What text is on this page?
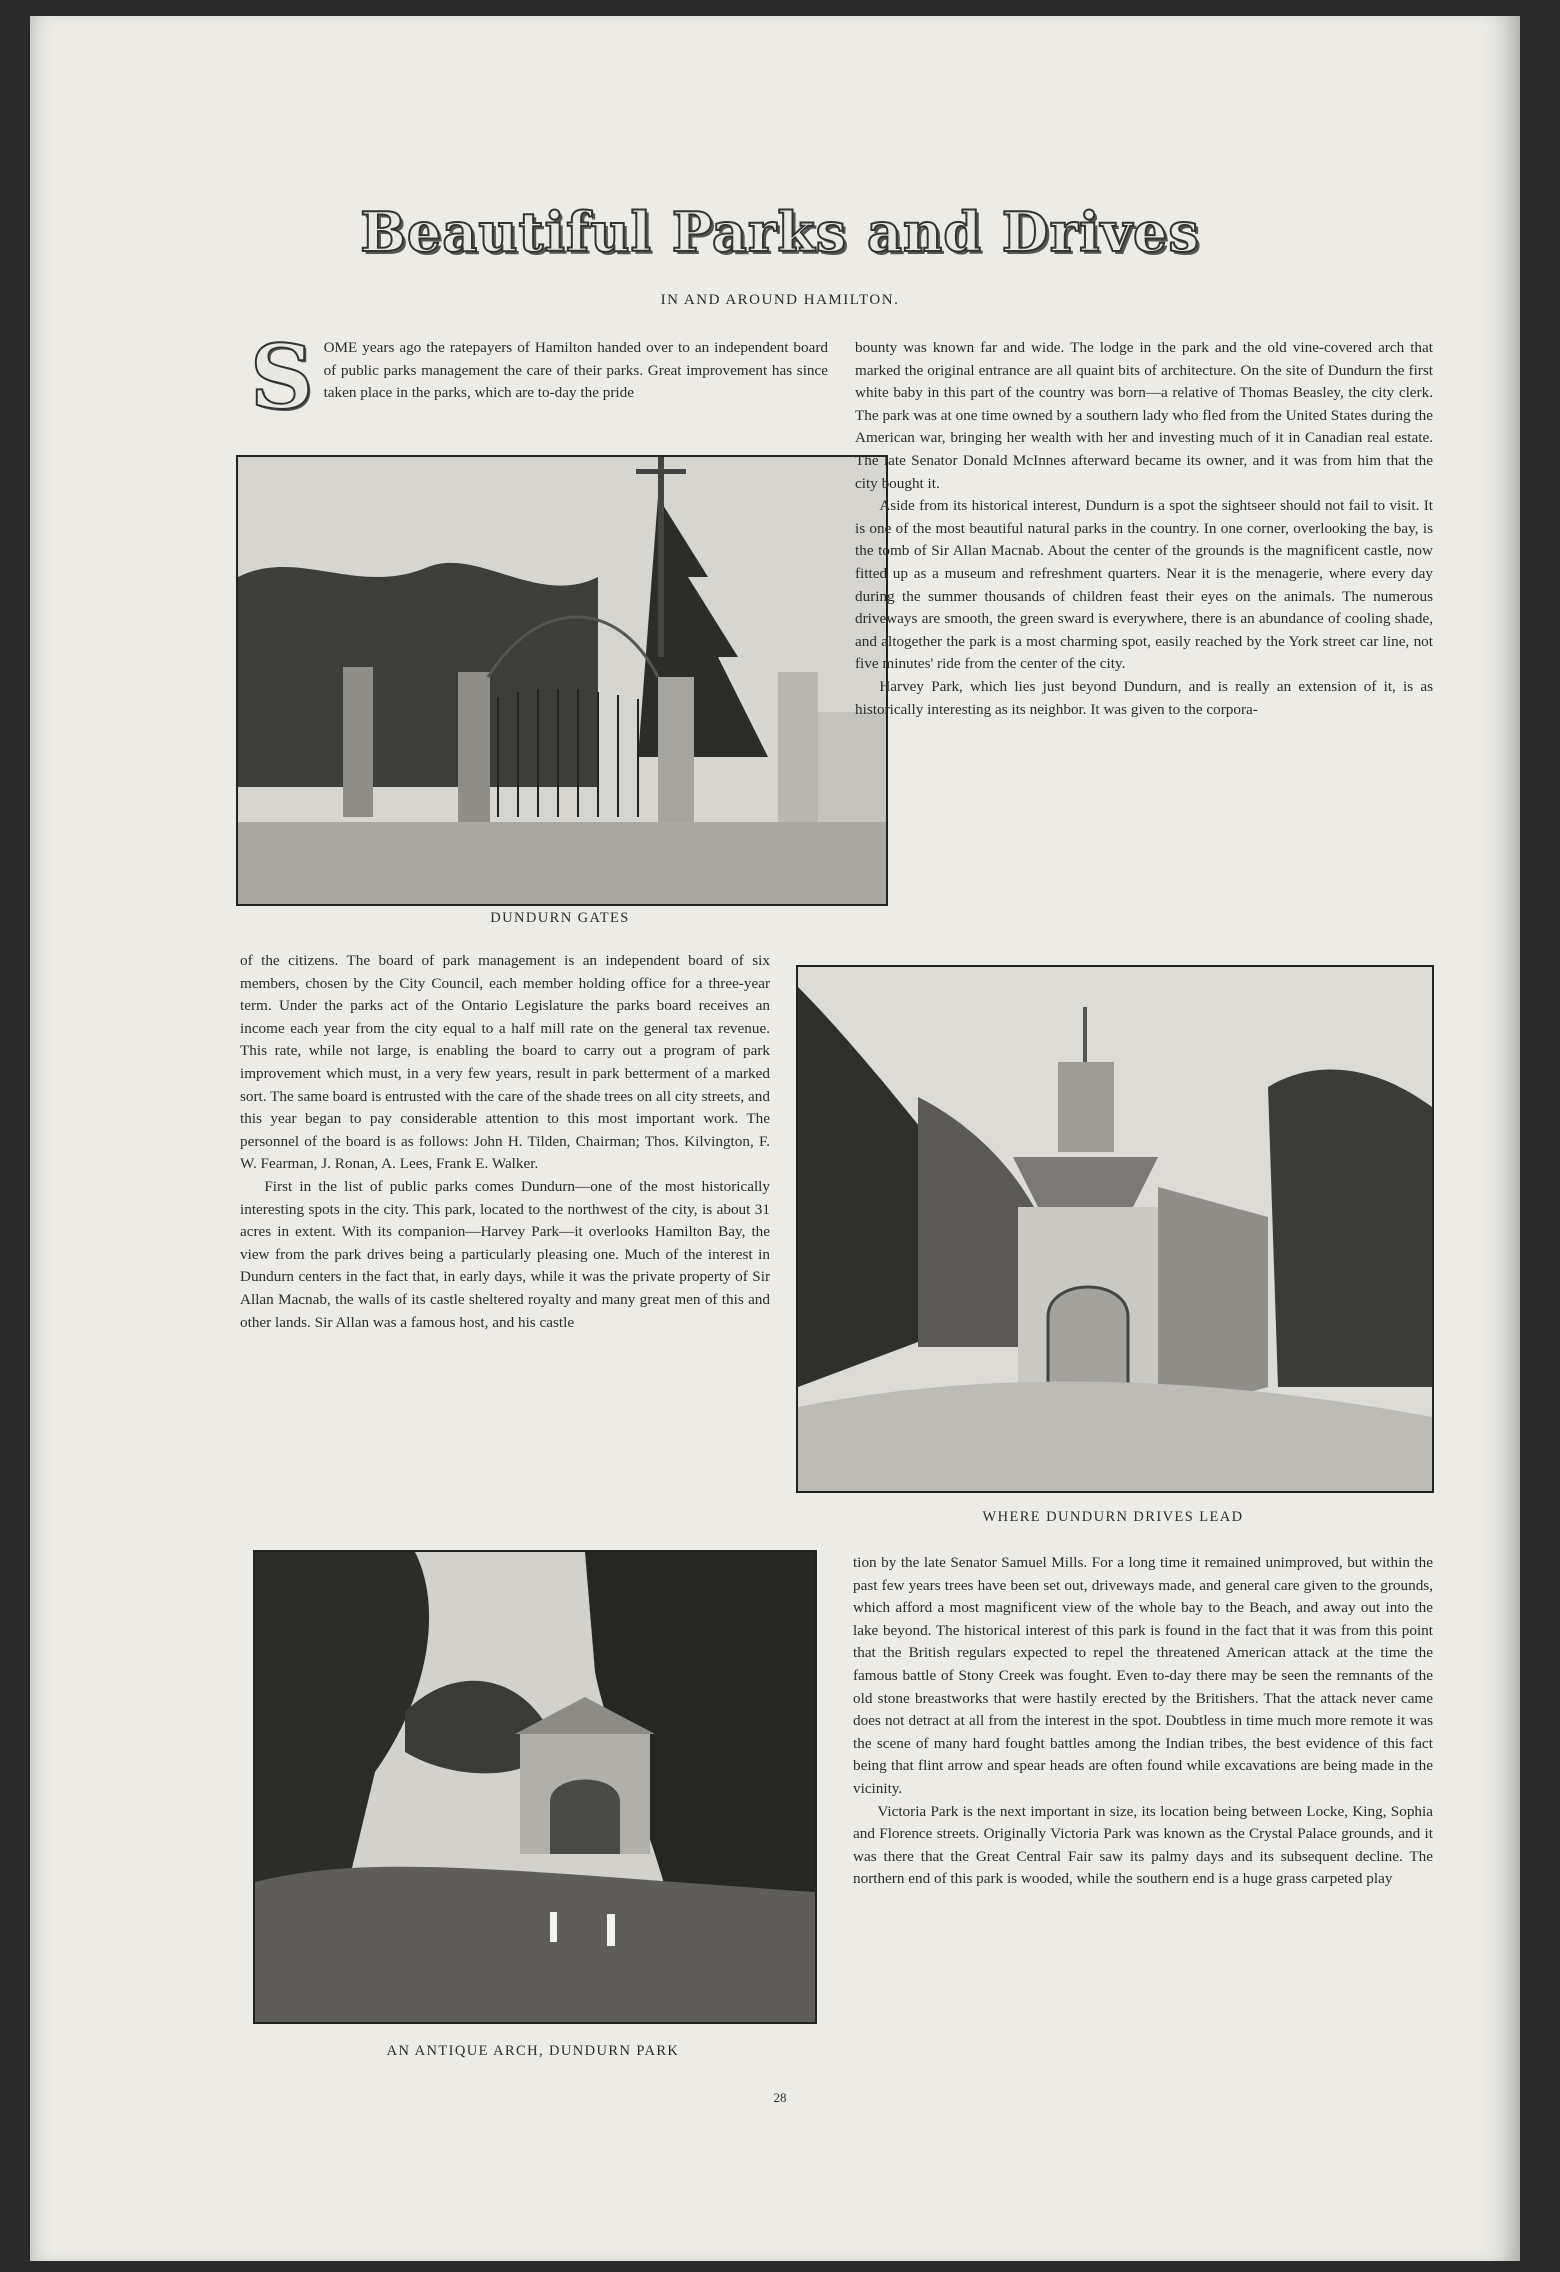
Beautiful Parks and Drives
IN AND AROUND HAMILTON.

SOME years ago the ratepayers of Hamilton handed over to an independent board of public parks management the care of their parks. Great improvement has since taken place in the parks, which are to-day the pride

DUNDURN GATES

bounty was known far and wide. The lodge in the park and the old vine-covered arch that marked the original entrance are all quaint bits of architecture. On the site of Dundurn the first white baby in this part of the country was born—a relative of Thomas Beasley, the city clerk. The park was at one time owned by a southern lady who fled from the United States during the American war, bringing her wealth with her and investing much of it in Canadian real estate. The late Senator Donald McInnes afterward became its owner, and it was from him that the city bought it.

Aside from its historical interest, Dundurn is a spot the sightseer should not fail to visit. It is one of the most beautiful natural parks in the country. In one corner, overlooking the bay, is the tomb of Sir Allan Macnab. About the center of the grounds is the magnificent castle, now fitted up as a museum and refreshment quarters. Near it is the menagerie, where every day during the summer thousands of children feast their eyes on the animals. The numerous driveways are smooth, the green sward is everywhere, there is an abundance of cooling shade, and altogether the park is a most charming spot, easily reached by the York street car line, not five minutes' ride from the center of the city.

Harvey Park, which lies just beyond Dundurn, and is really an extension of it, is as historically interesting as its neighbor. It was given to the corpora-

of the citizens. The board of park management is an independent board of six members, chosen by the City Council, each member holding office for a three-year term. Under the parks act of the Ontario Legislature the parks board receives an income each year from the city equal to a half mill rate on the general tax revenue. This rate, while not large, is enabling the board to carry out a program of park improvement which must, in a very few years, result in park betterment of a marked sort. The same board is entrusted with the care of the shade trees on all city streets, and this year began to pay considerable attention to this most important work. The personnel of the board is as follows: John H. Tilden, Chairman; Thos. Kilvington, F. W. Fearman, J. Ronan, A. Lees, Frank E. Walker.

First in the list of public parks comes Dundurn—one of the most historically interesting spots in the city. This park, located to the northwest of the city, is about 31 acres in extent. With its companion—Harvey Park—it overlooks Hamilton Bay, the view from the park drives being a particularly pleasing one. Much of the interest in Dundurn centers in the fact that, in early days, while it was the private property of Sir Allan Macnab, the walls of its castle sheltered royalty and many great men of this and other lands. Sir Allan was a famous host, and his castle

WHERE DUNDURN DRIVES LEAD
AN ANTIQUE ARCH, DUNDURN PARK

tion by the late Senator Samuel Mills. For a long time it remained unimproved, but within the past few years trees have been set out, driveways made, and general care given to the grounds, which afford a most magnificent view of the whole bay to the Beach, and away out into the lake beyond. The historical interest of this park is found in the fact that it was from this point that the British regulars expected to repel the threatened American attack at the time the famous battle of Stony Creek was fought. Even to-day there may be seen the remnants of the old stone breastworks that were hastily erected by the Britishers. That the attack never came does not detract at all from the interest in the spot. Doubtless in time much more remote it was the scene of many hard fought battles among the Indian tribes, the best evidence of this fact being that flint arrow and spear heads are often found while excavations are being made in the vicinity.

Victoria Park is the next important in size, its location being between Locke, King, Sophia and Florence streets. Originally Victoria Park was known as the Crystal Palace grounds, and it was there that the Great Central Fair saw its palmy days and its subsequent decline. The northern end of this park is wooded, while the southern end is a huge grass carpeted play

28
